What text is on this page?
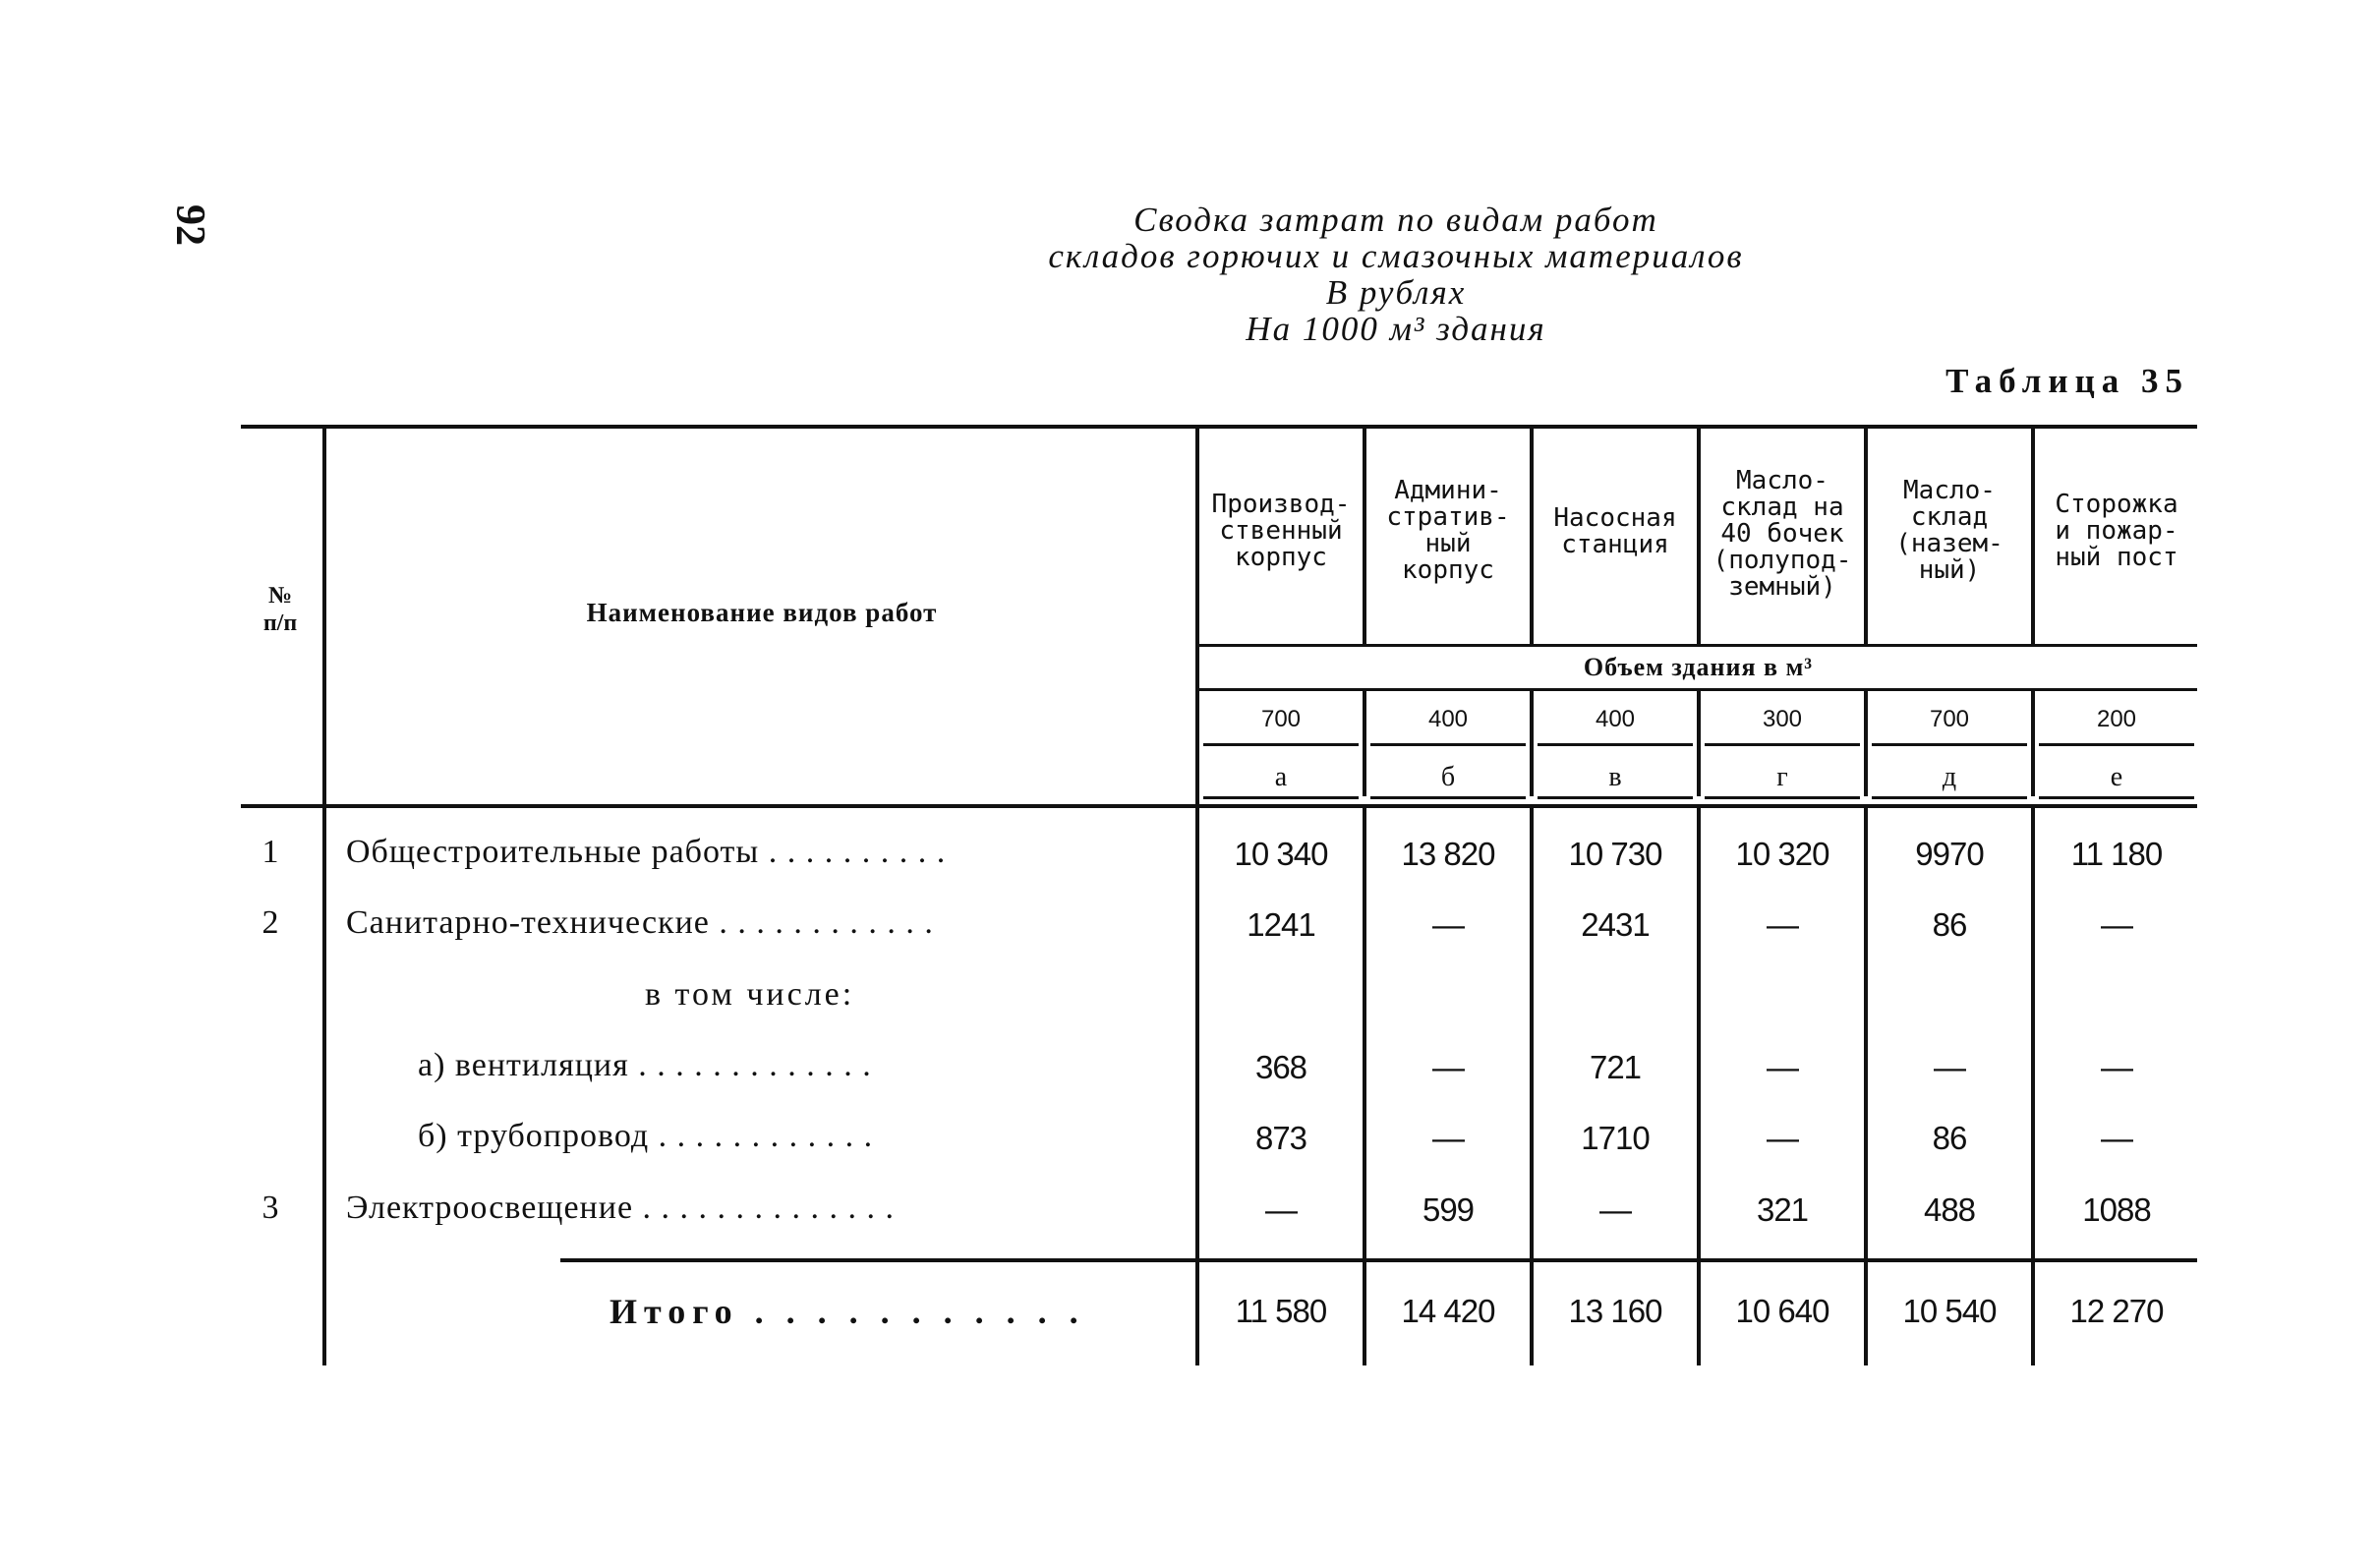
92	Сводка затрат по видам работ
складов горючих и смазочных материалов
В рублях
На 1000 м³ здания
Таблица 35
№
п/п	Наименование видов работ
Производ-
ственный
корпус
Админи-
стратив-
ный
корпус
Насосная
станция
Масло-
склад на
40 бочек
(полупод-
земный)
Масло-
склад
(назем-
ный)
Сторожка
и пожар-
ный пост
Объем здания в м³
700	400	400	300	700	200
а	б	в	г	д	е
1	Общестроительные работы . . . . . . . . . .	10 340	13 820	10 730	10 320	9970	11 180
2	Санитарно-технические . . . . . . . . . . . .	1241	—	2431	—	86	—
в том числе:
а) вентиляция . . . . . . . . . . . . .	368	—	721	—	—	—
б) трубопровод . . . . . . . . . . . .	873	—	1710	—	86	—
3	Электроосвещение . . . . . . . . . . . . . .	—	599	—	321	488	1088
Итого . . . . . . . . . . .	11 580	14 420	13 160	10 640	10 540	12 270
